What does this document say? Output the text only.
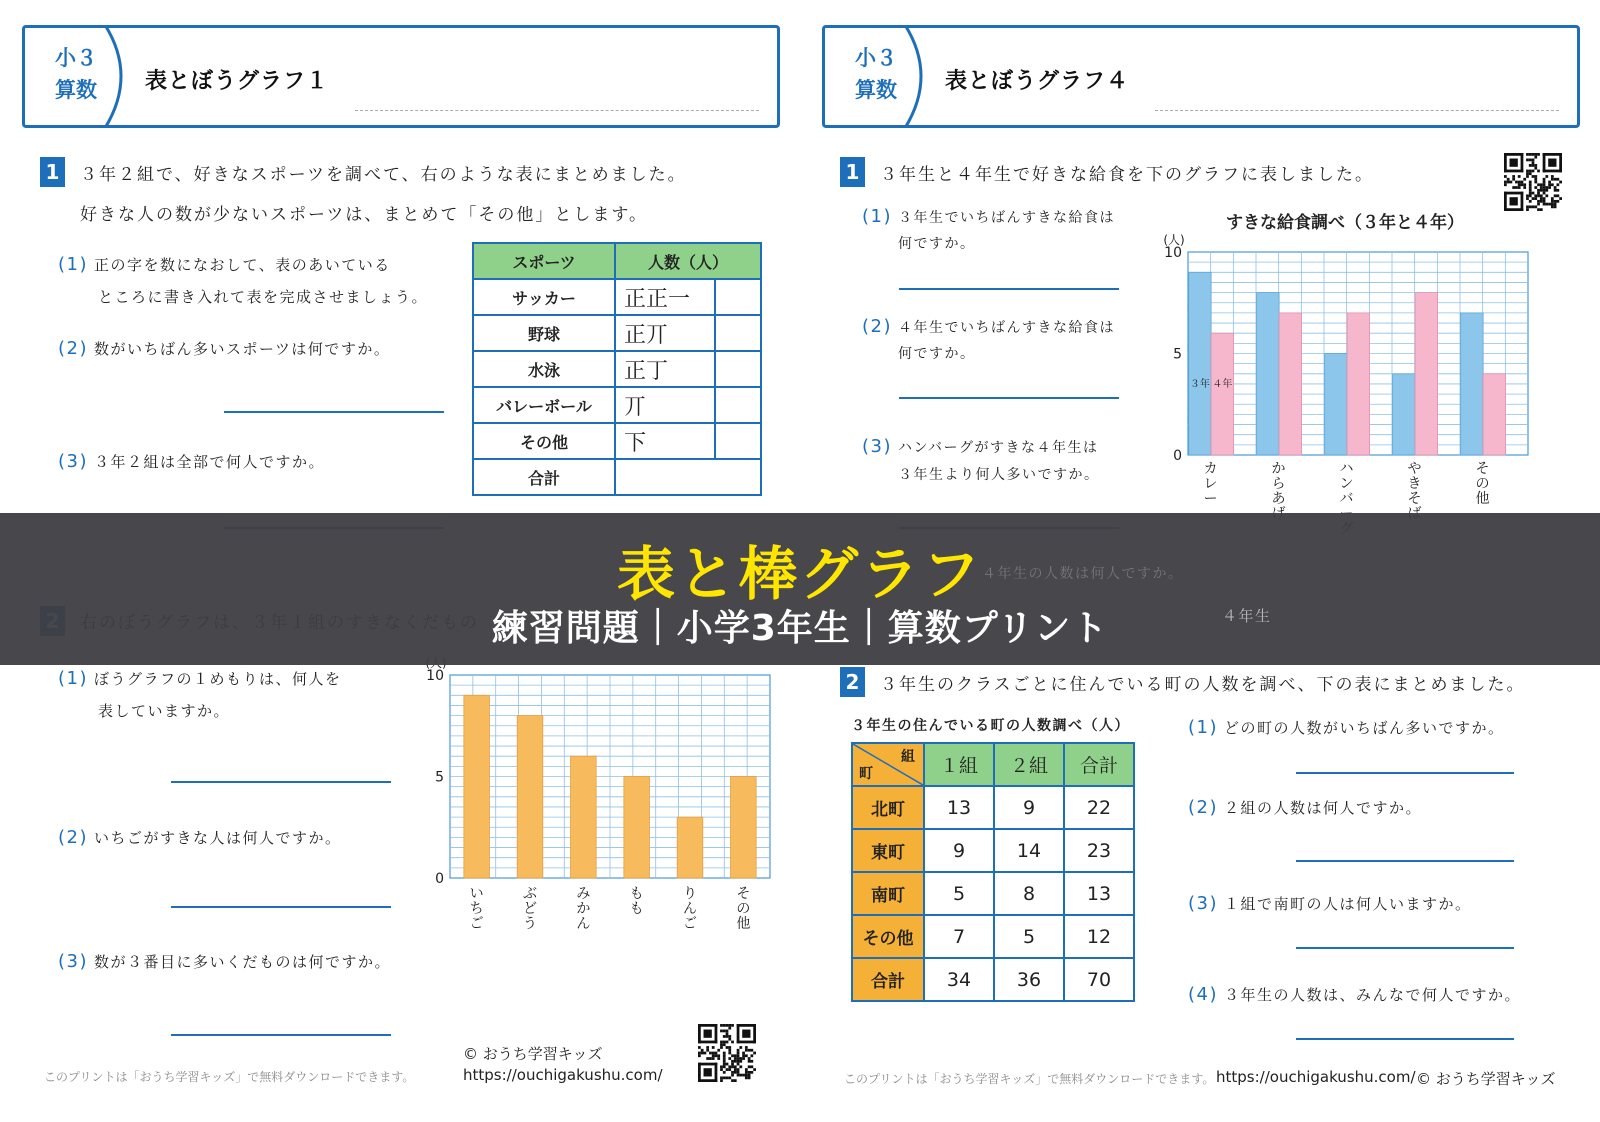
小３
算数	表とぼうグラフ１
1	３年２組で、好きなスポーツを調べて、右のような表にまとめました。
好きな人の数が少ないスポーツは、まとめて「その他」とします。
(1) 正の字を数になおして、表のあいている
ところに書き入れて表を完成させましょう。
(2) 数がいちばん多いスポーツは何ですか。
(3) ３年２組は全部で何人ですか。
スポーツ	人数（人）	
サッカー	正正一	
野球	正丌	
水泳	正丁	
バレーボール	丌	
その他	下	
合計		
(1) ぼうグラフの１めもりは、何人を
表していますか。
(2) いちごがすきな人は何人ですか。
(3) 数が３番目に多いくだものは何ですか。
0
5
10
いちご
ぶどう
みかん
もも
りんご
その他
このプリントは「おうち学習キッズ」で無料ダウンロードできます。
© おうち学習キッズ
https://ouchigakushu.com/
小３
算数	表とぼうグラフ４
1	３年生と４年生で好きな給食を下のグラフに表しました。
(1) ３年生でいちばんすきな給食は
何ですか。
(2) ４年生でいちばんすきな給食は
何ですか。
(3) ハンバーグがすきな４年生は
３年生より何人多いですか。
すきな給食調べ（３年と４年）
0
5
10
(人)
３年 ４年
カレー
からあ
ハンバ
やきそ
その他
2	３年生のクラスごとに住んでいる町の人数を調べ、下の表にまとめました。
３年生の住んでいる町の人数調べ（人）
組
町	１組	２組	合計
北町	13	9	22
東町	9	14	23
南町	5	8	13
その他	7	5	12
合計	34	36	70
(1) どの町の人数がいちばん多いですか。
(2) ２組の人数は何人ですか。
(3) １組で南町の人は何人いますか。
(4) ３年生の人数は、みんなで何人ですか。
このプリントは「おうち学習キッズ」で無料ダウンロードできます。 https://ouchigakushu.com/ © おうち学習キッズ
４年生の人数は何人ですか。
４年生
表と棒グラフ
練習問題｜小学3年生｜算数プリント
